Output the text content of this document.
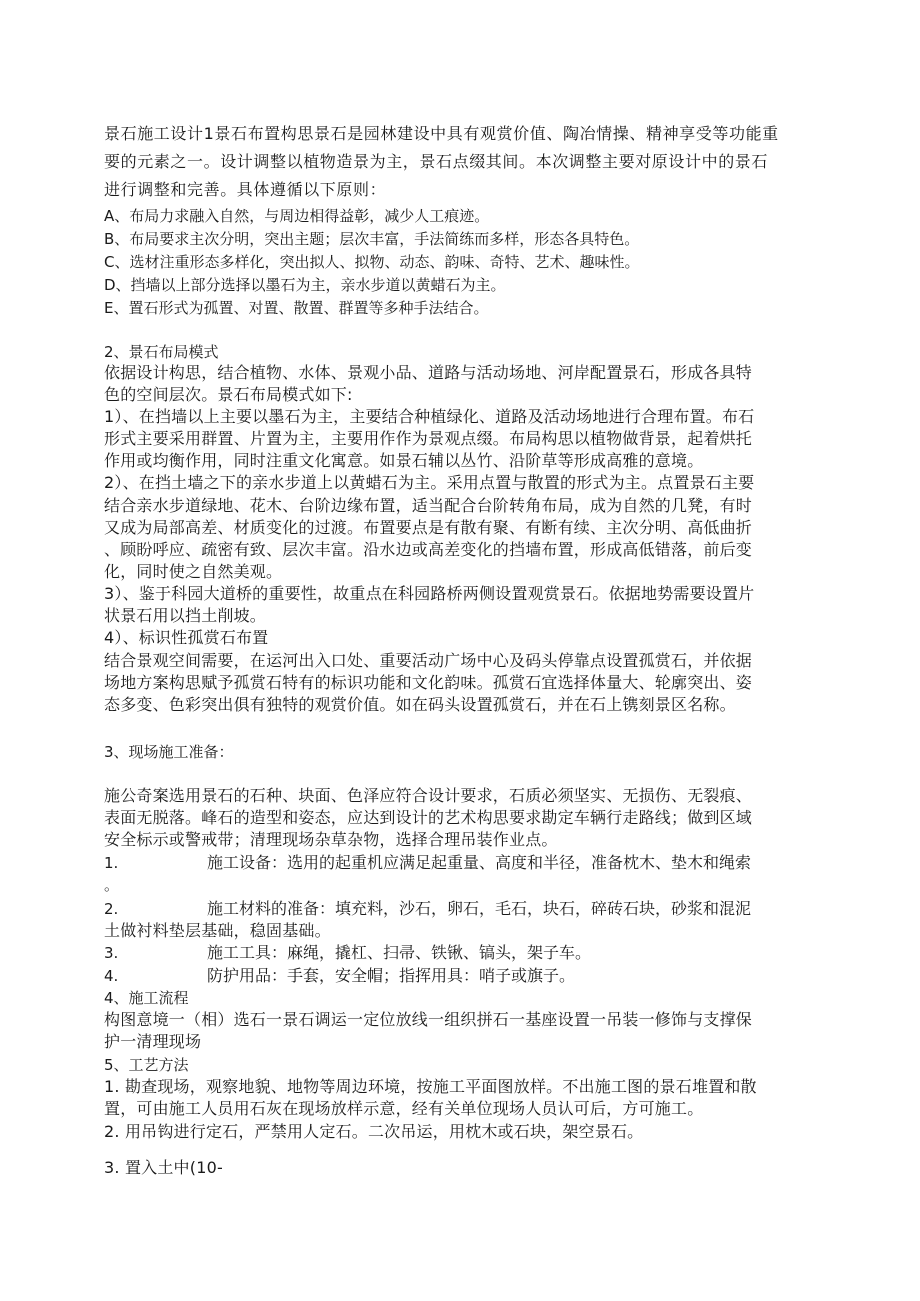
景石施工设计1景石布置构思景石是园林建设中具有观赏价值、陶冶情操、精神享受等功能重

要的元素之一。设计调整以植物造景为主，景石点缀其间。本次调整主要对原设计中的景石

进行调整和完善。具体遵循以下原则：

A、布局力求融入自然，与周边相得益彰，减少人工痕迹。

B、布局要求主次分明，突出主题；层次丰富，手法简练而多样，形态各具特色。

C、选材注重形态多样化，突出拟人、拟物、动态、韵味、奇特、艺术、趣味性。

D、挡墙以上部分选择以墨石为主，亲水步道以黄蜡石为主。

E、置石形式为孤置、对置、散置、群置等多种手法结合。

2、景石布局模式

依据设计构思，结合植物、水体、景观小品、道路与活动场地、河岸配置景石，形成各具特

色的空间层次。景石布局模式如下:

1）、在挡墙以上主要以墨石为主，主要结合种植绿化、道路及活动场地进行合理布置。布石

形式主要采用群置、片置为主，主要用作作为景观点缀。布局构思以植物做背景，起着烘托

作用或均衡作用，同时注重文化寓意。如景石辅以丛竹、沿阶草等形成高雅的意境。

2）、在挡土墙之下的亲水步道上以黄蜡石为主。采用点置与散置的形式为主。点置景石主要

结合亲水步道绿地、花木、台阶边缘布置，适当配合台阶转角布局，成为自然的几凳，有时

又成为局部高差、材质变化的过渡。布置要点是有散有聚、有断有续、主次分明、高低曲折

、顾盼呼应、疏密有致、层次丰富。沿水边或高差变化的挡墙布置，形成高低错落，前后变

化，同时使之自然美观。

3）、鉴于科园大道桥的重要性，故重点在科园路桥两侧设置观赏景石。依据地势需要设置片

状景石用以挡土削坡。

4）、标识性孤赏石布置

结合景观空间需要，在运河出入口处、重要活动广场中心及码头停靠点设置孤赏石，并依据

场地方案构思赋予孤赏石特有的标识功能和文化韵味。孤赏石宜选择体量大、轮廓突出、姿

态多变、色彩突出俱有独特的观赏价值。如在码头设置孤赏石，并在石上镌刻景区名称。

3、现场施工准备：

施公奇案选用景石的石种、块面、色泽应符合设计要求，石质必须坚实、无损伤、无裂痕、

表面无脱落。峰石的造型和姿态，应达到设计的艺术构思要求勘定车辆行走路线；做到区域

安全标示或警戒带；清理现场杂草杂物，选择合理吊装作业点。

1.	施工设备：选用的起重机应满足起重量、高度和半径，准备枕木、垫木和绳索

。

2.	施工材料的准备：填充料，沙石，卵石，毛石，块石，碎砖石块，砂浆和混泥

土做衬料垫层基础，稳固基础。

3.	施工工具：麻绳，撬杠、扫帚、铁锹、镐头，架子车。

4.	防护用品：手套，安全帽；指挥用具：哨子或旗子。

4、施工流程

构图意境一（相）选石一景石调运一定位放线一组织拼石一基座设置一吊装一修饰与支撑保

护一清理现场

5、工艺方法

1. 勘查现场，观察地貌、地物等周边环境，按施工平面图放样。不出施工图的景石堆置和散

置，可由施工人员用石灰在现场放样示意，经有关单位现场人员认可后，方可施工。

2. 用吊钩进行定石，严禁用人定石。二次吊运，用枕木或石块，架空景石。

3. 置入土中(10-
